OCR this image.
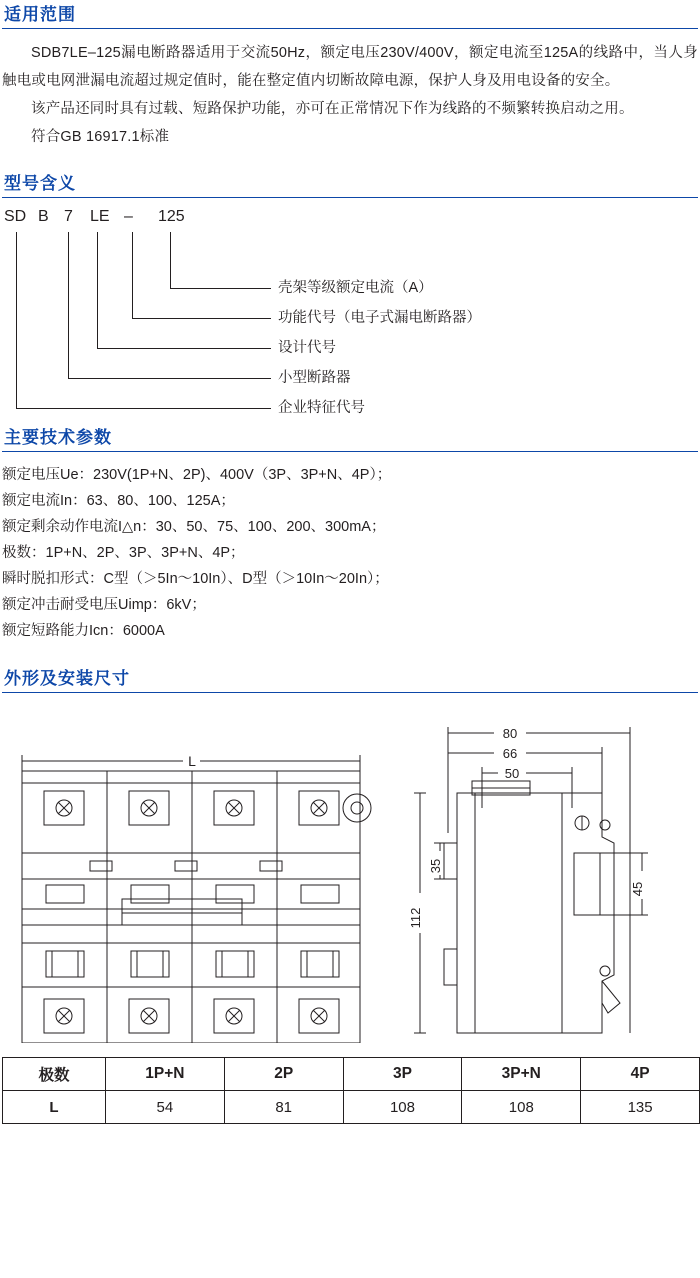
适用范围

SDB7LE–125漏电断路器适用于交流50Hz，额定电压230V/400V，额定电流至125A的线路中，当人身触电或电网泄漏电流超过规定值时，能在整定值内切断故障电源，保护人身及用电设备的安全。

该产品还同时具有过载、短路保护功能，亦可在正常情况下作为线路的不频繁转换启动之用。

符合GB 16917.1标准

型号含义
SD B 7 LE – 125
壳架等级额定电流（A）
功能代号（电子式漏电断路器）
设计代号
小型断路器
企业特征代号
主要技术参数
额定电压Ue：230V(1P+N、2P)、400V（3P、3P+N、4P）；
额定电流In：63、80、100、125A；
额定剩余动作电流I△n：30、50、75、100、200、300mA；
极数：1P+N、2P、3P、3P+N、4P；
瞬时脱扣形式：C型（＞5In～10In）、D型（＞10In～20In）；
额定冲击耐受电压Uimp：6kV；
额定短路能力Icn：6000A
外形及安装尺寸
L
80
66
50
112
35
45
极数	1P+N	2P	3P	3P+N	4P
L	54	81	108	108	135
